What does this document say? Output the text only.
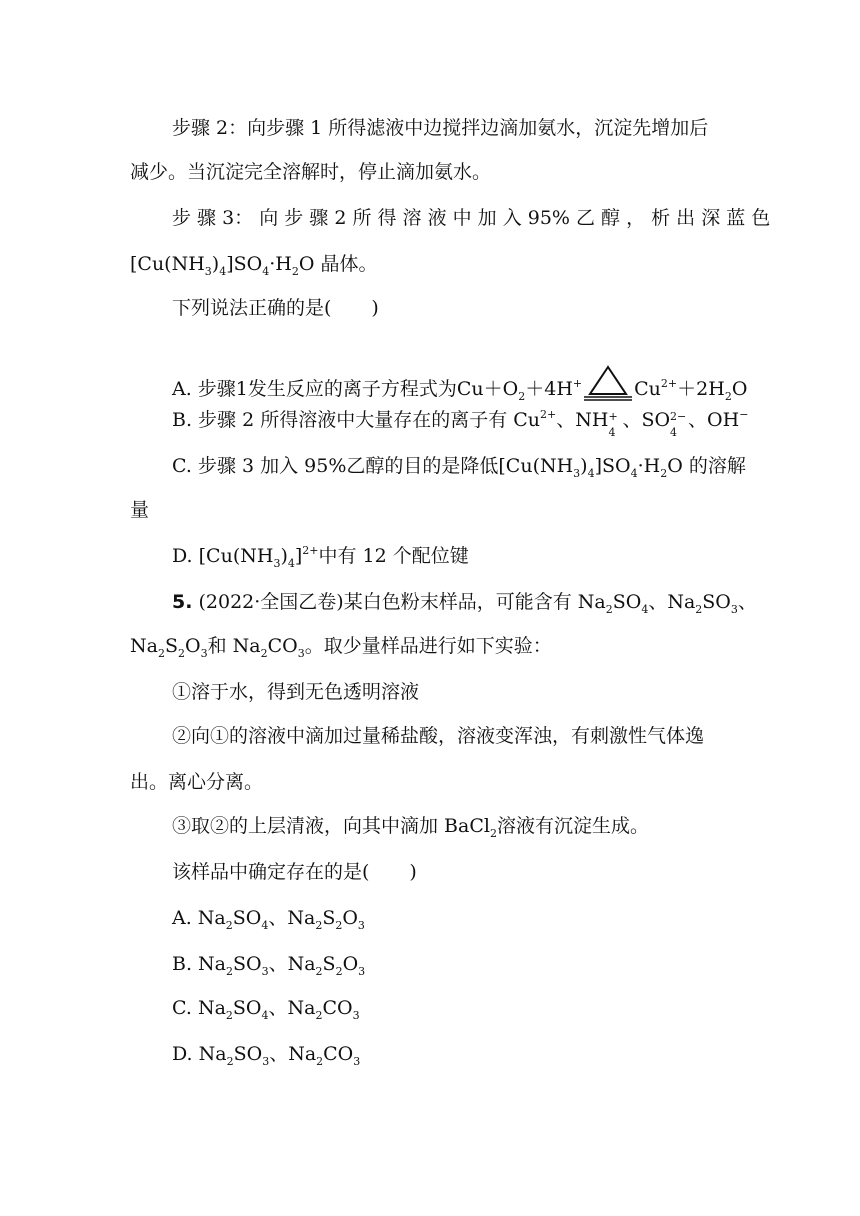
步骤 2：向步骤 1 所得滤液中边搅拌边滴加氨水，沉淀先增加后
减少。当沉淀完全溶解时，停止滴加氨水。
步 骤 3： 向 步 骤 2 所 得 溶 液 中 加 入 95% 乙 醇 ， 析 出 深 蓝 色
$[Cu(NH_3)_4]SO_4\cdot H_2O$ 晶体。
下列说法正确的是( )
A. 步骤1发生反应的离子方程式为$Cu+O_2+4H^+$	$Cu^{2+}+2H_2O$
B. 步骤 2 所得溶液中大量存在的离子有 $Cu^{2+}$、NH +
4
、SO 2−
4
、OH−
C. 步骤 3 加入 95%乙醇的目的是降低$[Cu(NH_3)_4]SO_4\cdot H_2O$ 的溶解
量
D. $[Cu(NH_3)_4]^{2+}$中有 12 个配位键
5. (2022·全国乙卷)某白色粉末样品，可能含有 $Na_2SO_4$、$Na_2SO_3$、
$Na_2S_2O_3$和 $Na_2CO_3$。取少量样品进行如下实验：
①溶于水，得到无色透明溶液
②向①的溶液中滴加过量稀盐酸，溶液变浑浊，有刺激性气体逸
出。离心分离。
③取②的上层清液，向其中滴加 BaCl$_2$溶液有沉淀生成。
该样品中确定存在的是( )
A. $Na_2SO_4$、$Na_2S_2O_3$
B. $Na_2SO_3$、$Na_2S_2O_3$
C. $Na_2SO_4$、$Na_2CO_3$
D. $Na_2SO_3$、$Na_2CO_3$
